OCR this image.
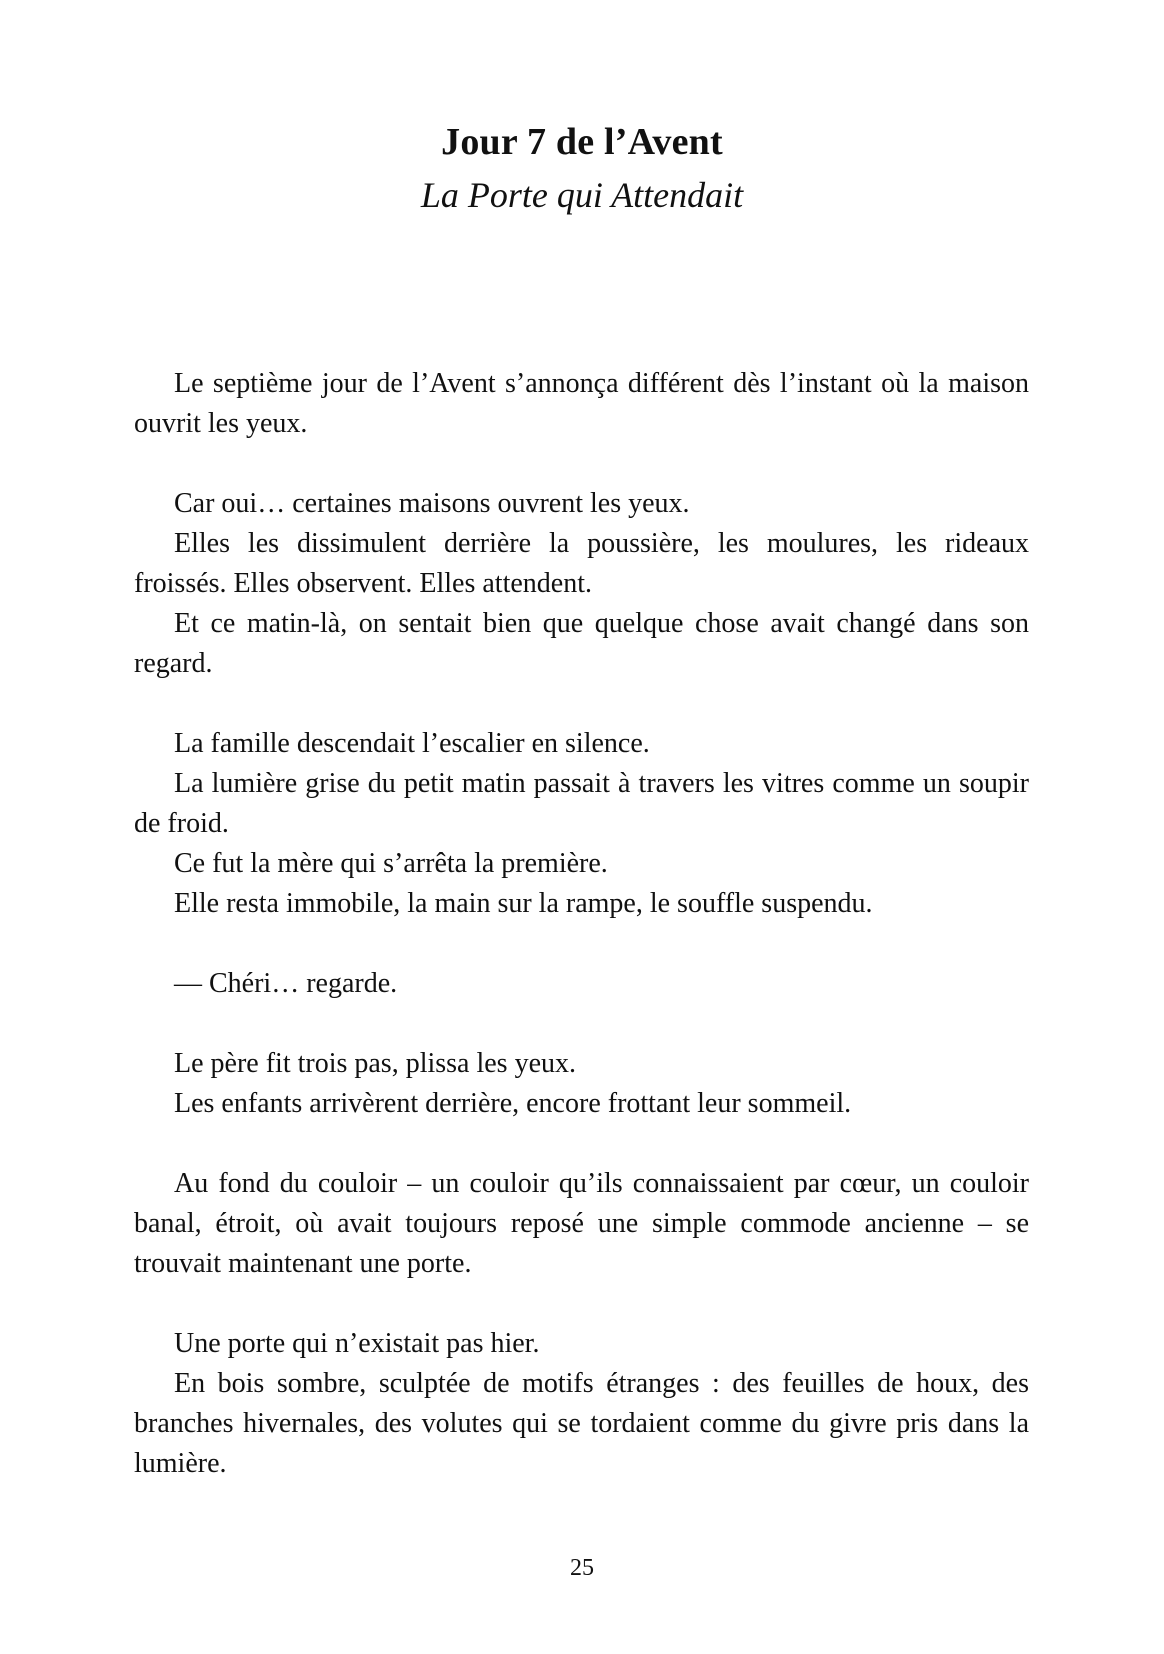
Jour 7 de l’Avent
La Porte qui Attendait

Le septième jour de l’Avent s’annonça différent dès l’instant où la maison ouvrit les yeux.

Car oui… certaines maisons ouvrent les yeux.

Elles les dissimulent derrière la poussière, les moulures, les rideaux froissés. Elles observent. Elles attendent.

Et ce matin-là, on sentait bien que quelque chose avait changé dans son regard.

La famille descendait l’escalier en silence.

La lumière grise du petit matin passait à travers les vitres comme un soupir de froid.

Ce fut la mère qui s’arrêta la première.

Elle resta immobile, la main sur la rampe, le souffle suspendu.

— Chéri… regarde.

Le père fit trois pas, plissa les yeux.

Les enfants arrivèrent derrière, encore frottant leur sommeil.

Au fond du couloir – un couloir qu’ils connaissaient par cœur, un couloir banal, étroit, où avait toujours reposé une simple commode ancienne – se trouvait maintenant une porte.

Une porte qui n’existait pas hier.

En bois sombre, sculptée de motifs étranges : des feuilles de houx, des branches hivernales, des volutes qui se tordaient comme du givre pris dans la lumière.

25
